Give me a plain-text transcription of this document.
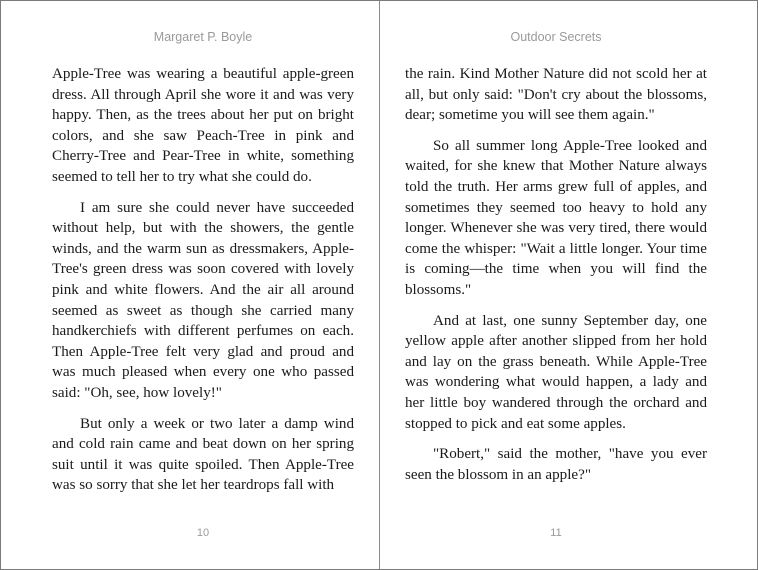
Margaret P. Boyle

Apple-Tree was wearing a beautiful apple-green dress. All through April she wore it and was very happy. Then, as the trees about her put on bright colors, and she saw Peach-Tree in pink and Cherry-Tree and Pear-Tree in white, something seemed to tell her to try what she could do.

I am sure she could never have succeeded without help, but with the showers, the gentle winds, and the warm sun as dressmakers, Apple-Tree's green dress was soon covered with lovely pink and white flowers. And the air all around seemed as sweet as though she carried many handkerchiefs with different perfumes on each. Then Apple-Tree felt very glad and proud and was much pleased when every one who passed said: "Oh, see, how lovely!"

But only a week or two later a damp wind and cold rain came and beat down on her spring suit until it was quite spoiled. Then Apple-Tree was so sorry that she let her teardrops fall with

10
Outdoor Secrets

the rain. Kind Mother Nature did not scold her at all, but only said: "Don't cry about the blossoms, dear; sometime you will see them again."

So all summer long Apple-Tree looked and waited, for she knew that Mother Nature always told the truth. Her arms grew full of apples, and sometimes they seemed too heavy to hold any longer. Whenever she was very tired, there would come the whisper: "Wait a little longer. Your time is coming—the time when you will find the blossoms."

And at last, one sunny September day, one yellow apple after another slipped from her hold and lay on the grass beneath. While Apple-Tree was wondering what would happen, a lady and her little boy wandered through the orchard and stopped to pick and eat some apples.

"Robert," said the mother, "have you ever seen the blossom in an apple?"

11
